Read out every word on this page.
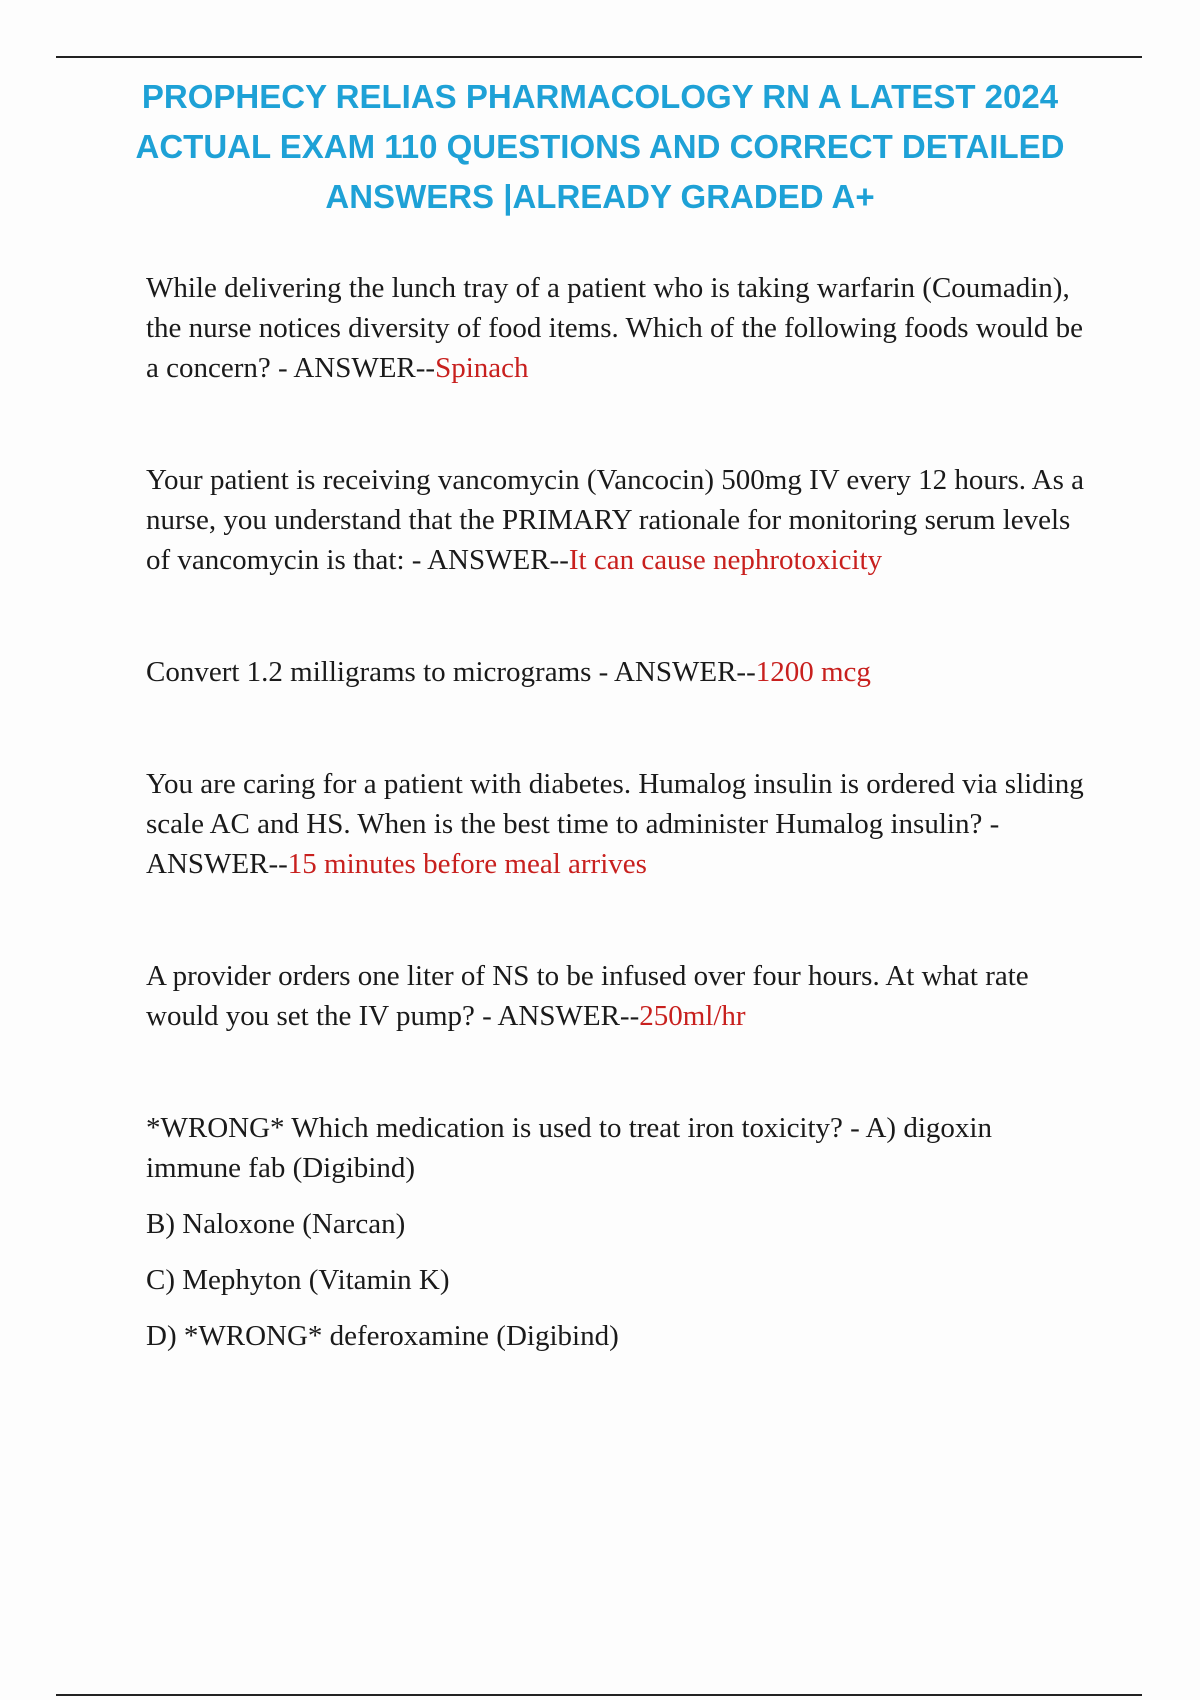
PROPHECY RELIAS PHARMACOLOGY RN A LATEST 2024 ACTUAL EXAM 110 QUESTIONS AND CORRECT DETAILED ANSWERS |ALREADY GRADED A+

While delivering the lunch tray of a patient who is taking warfarin (Coumadin), the nurse notices diversity of food items. Which of the following foods would be a concern? - ANSWER--Spinach

Your patient is receiving vancomycin (Vancocin) 500mg IV every 12 hours. As a nurse, you understand that the PRIMARY rationale for monitoring serum levels of vancomycin is that: - ANSWER--It can cause nephrotoxicity

Convert 1.2 milligrams to micrograms - ANSWER--1200 mcg

You are caring for a patient with diabetes. Humalog insulin is ordered via sliding scale AC and HS. When is the best time to administer Humalog insulin? - ANSWER--15 minutes before meal arrives

A provider orders one liter of NS to be infused over four hours. At what rate would you set the IV pump? - ANSWER--250ml/hr

*WRONG* Which medication is used to treat iron toxicity? - A) digoxin immune fab (Digibind)

B) Naloxone (Narcan)

C) Mephyton (Vitamin K)

D) *WRONG* deferoxamine (Digibind)
